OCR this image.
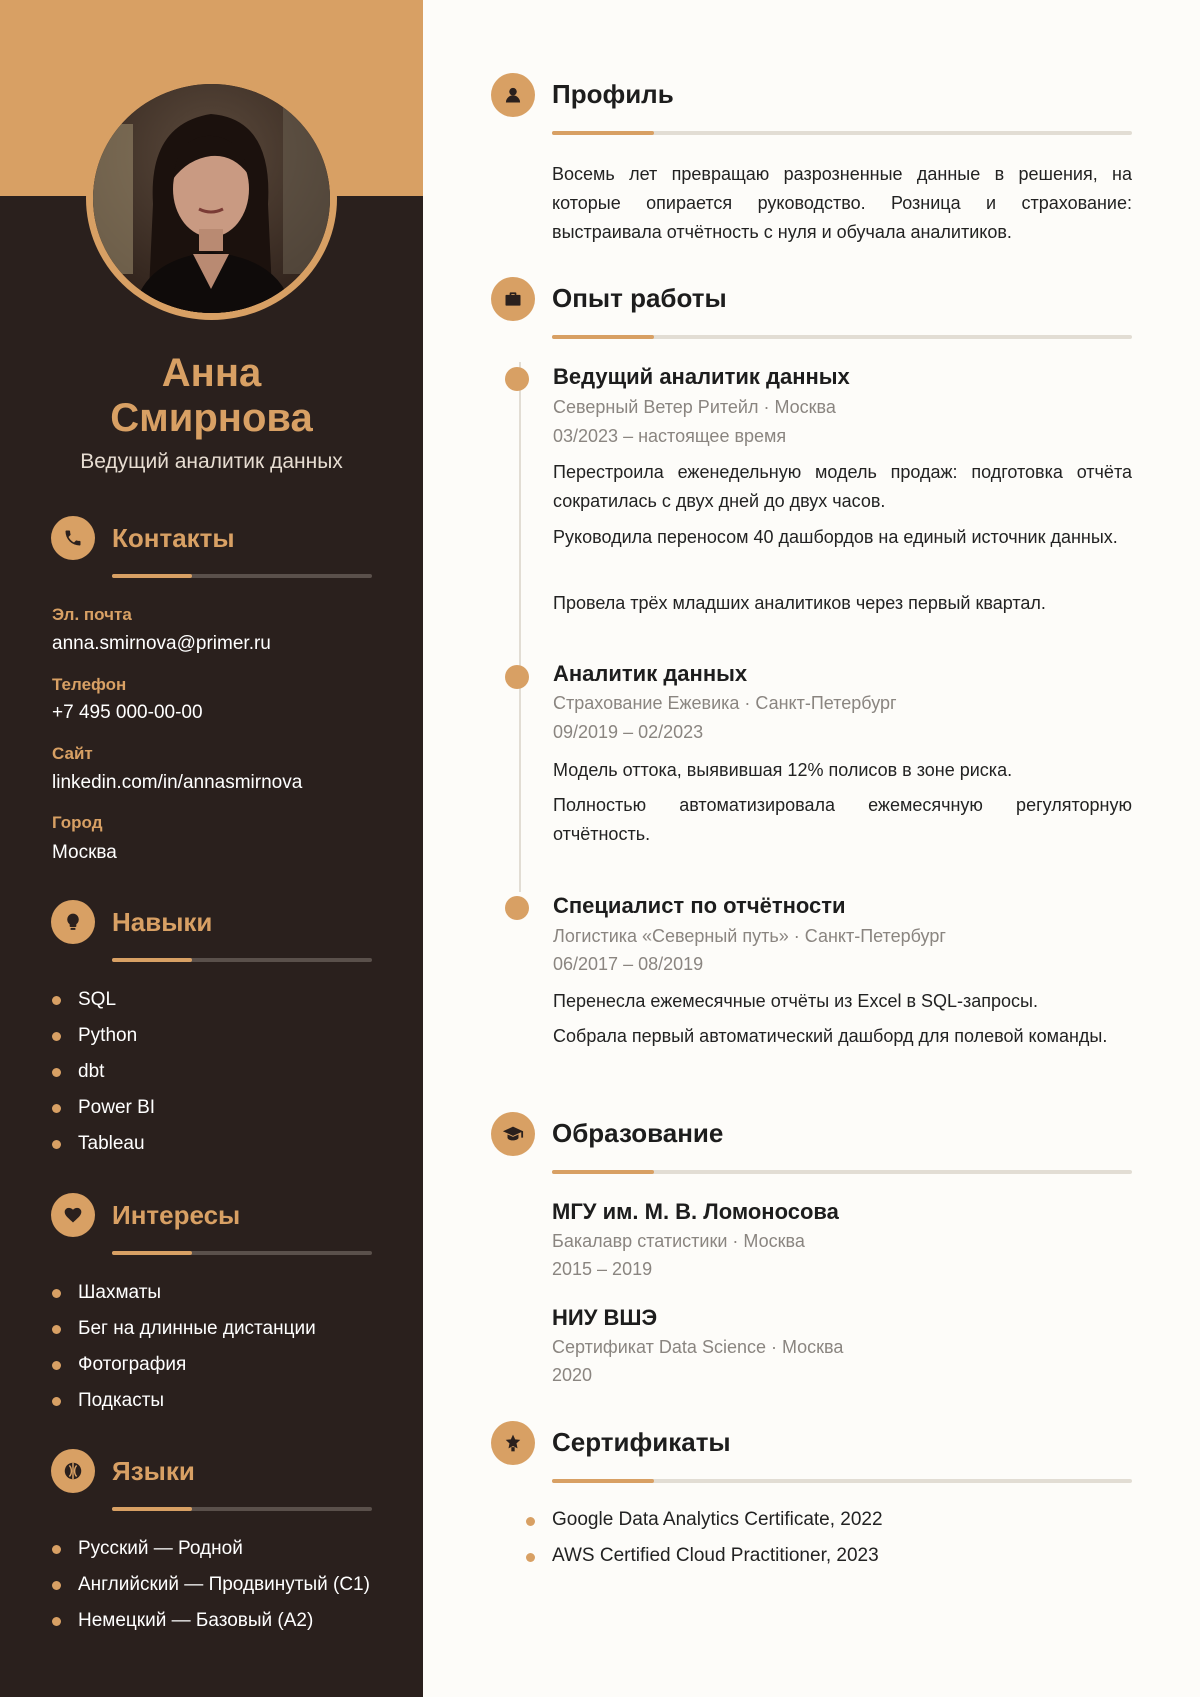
Анна
Смирнова
Ведущий аналитик данных
Контакты
Эл. почта
anna.smirnova@primer.ru
Телефон
+7 495 000-00-00
Сайт
linkedin.com/in/annasmirnova
Город
Москва
Навыки
SQL
Python
dbt
Power BI
Tableau
Интересы
Шахматы
Бег на длинные дистанции
Фотография
Подкасты
Языки
Русский — Родной
Английский — Продвинутый (C1)
Немецкий — Базовый (A2)
Профиль

Восемь лет превращаю разрозненные данные в решения, на которые опирается руководство. Розница и страхование: выстраивала отчётность с нуля и обучала аналитиков.

Опыт работы
Ведущий аналитик данных
Северный Ветер Ритейл · Москва
03/2023 – настоящее время

Перестроила еженедельную модель продаж: подготовка отчёта сократилась с двух дней до двух часов.

Руководила переносом 40 дашбордов на единый источник данных.

Провела трёх младших аналитиков через первый квартал.

Аналитик данных
Страхование Ежевика · Санкт-Петербург
09/2019 – 02/2023

Модель оттока, выявившая 12% полисов в зоне риска.

Полностью автоматизировала ежемесячную регуляторную отчётность.

Специалист по отчётности
Логистика «Северный путь» · Санкт-Петербург
06/2017 – 08/2019

Перенесла ежемесячные отчёты из Excel в SQL-запросы.

Собрала первый автоматический дашборд для полевой команды.

Образование
МГУ им. М. В. Ломоносова
Бакалавр статистики · Москва
2015 – 2019
НИУ ВШЭ
Сертификат Data Science · Москва
2020
Сертификаты
Google Data Analytics Certificate, 2022
AWS Certified Cloud Practitioner, 2023
